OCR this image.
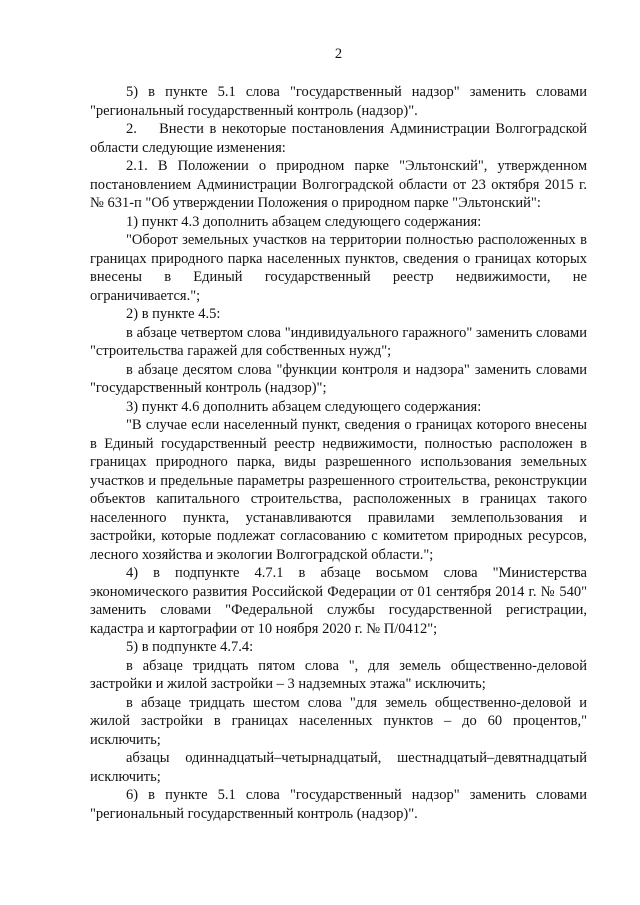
2

5) в пункте 5.1 слова "государственный надзор" заменить словами "региональный государственный контроль (надзор)".

2.    Внести в некоторые постановления Администрации Волгоградской области следующие изменения:

2.1. В Положении о природном парке "Эльтонский", утвержденном постановлением Администрации Волгоградской области от 23 октября 2015 г. № 631-п "Об утверждении Положения о природном парке "Эльтонский":

1) пункт 4.3 дополнить абзацем следующего содержания:

"Оборот земельных участков на территории полностью расположенных в границах природного парка населенных пунктов, сведения о границах которых внесены в Единый государственный реестр недвижимости, не ограничивается.";

2) в пункте 4.5:

в абзаце четвертом слова "индивидуального гаражного" заменить словами "строительства гаражей для собственных нужд";

в абзаце десятом слова "функции контроля и надзора" заменить словами "государственный контроль (надзор)";

3) пункт 4.6 дополнить абзацем следующего содержания:

"В случае если населенный пункт, сведения о границах которого внесены в Единый государственный реестр недвижимости, полностью расположен в границах природного парка, виды разрешенного использования земельных участков и предельные параметры разрешенного строительства, реконструкции объектов капитального строительства, расположенных в границах такого населенного пункта, устанавливаются правилами землепользования и застройки, которые подлежат согласованию с комитетом природных ресурсов, лесного хозяйства и экологии Волгоградской области.";

4) в подпункте 4.7.1 в абзаце восьмом слова "Министерства экономического развития Российской Федерации от 01 сентября 2014 г. № 540" заменить словами "Федеральной службы государственной регистрации, кадастра и картографии от 10 ноября 2020 г. № П/0412";

5) в подпункте 4.7.4:

в абзаце тридцать пятом слова ", для земель общественно-деловой застройки и жилой застройки – 3 надземных этажа" исключить;

в абзаце тридцать шестом слова "для земель общественно-деловой и жилой застройки в границах населенных пунктов – до 60 процентов," исключить;

абзацы одиннадцатый–четырнадцатый, шестнадцатый–девятнадцатый исключить;

6) в пункте 5.1 слова "государственный надзор" заменить словами "региональный государственный контроль (надзор)".
